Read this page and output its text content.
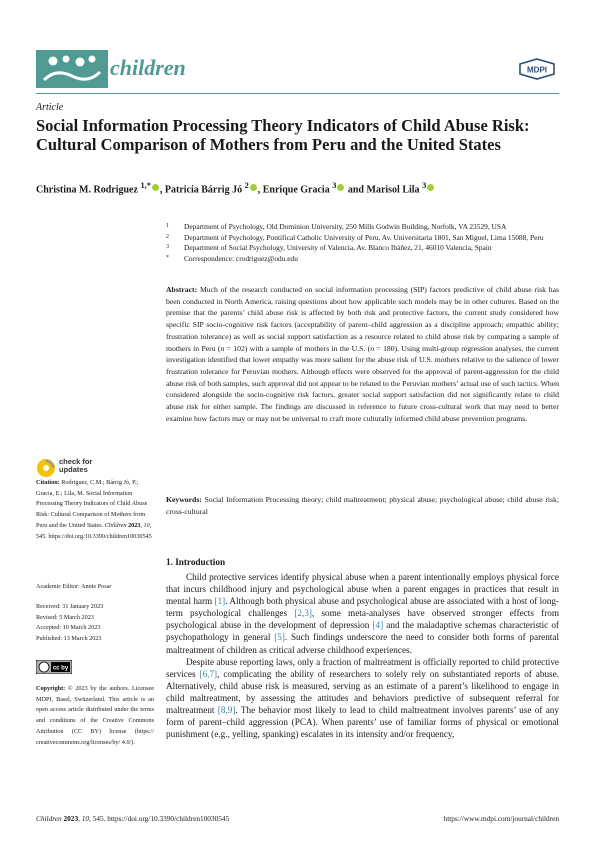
children	MDPI
Article
Social Information Processing Theory Indicators of Child Abuse Risk: Cultural Comparison of Mothers from Peru and the United States
Christina M. Rodriguez $^{1,*}$ , Patricia Bárrig Jó $^2$ , Enrique Gracia $^3$ and Marisol Lila $^3$
1	Department of Psychology, Old Dominion University, 250 Mills Godwin Building, Norfolk, VA 23529, USA
2	Department of Psychology, Pontifical Catholic University of Peru, Av. Universitaria 1801, San Miguel, Lima 15088, Peru
3	Department of Social Psychology, University of Valencia, Av. Blanco Ibáñez, 21, 46010 Valencia, Spain
*	Correspondence: crodriguez@odu.edu

Abstract: Much of the research conducted on social information processing (SIP) factors predictive of child abuse risk has been conducted in North America, raising questions about how applicable such models may be in other cultures. Based on the premise that the parents’ child abuse risk is affected by both risk and protective factors, the current study considered how specific SIP socio-cognitive risk factors (acceptability of parent–child aggression as a discipline approach; empathic ability; frustration tolerance) as well as social support satisfaction as a resource related to child abuse risk by comparing a sample of mothers in Peru (n = 102) with a sample of mothers in the U.S. (n = 180). Using multi-group regression analyses, the current investigation identified that lower empathy was more salient for the abuse risk of U.S. mothers relative to the salience of lower frustration tolerance for Peruvian mothers. Although effects were observed for the approval of parent-aggression for the child abuse risk of both samples, such approval did not appear to be related to the Peruvian mothers’ actual use of such tactics. When considered alongside the socio-cognitive risk factors, greater social support satisfaction did not significantly relate to child abuse risk for either sample. The findings are discussed in reference to future cross-cultural work that may need to better examine how factors may or may not be universal to craft more culturally informed child abuse prevention programs.

Keywords: Social Information Processing theory; child maltreatment; physical abuse; psychological abuse; child abuse risk; cross-cultural

check for
updates
Citation: Rodriguez, C.M.; Bárrig Jó, P.; Gracia, E.; Lila, M. Social Information Processing Theory Indicators of Child Abuse Risk: Cultural Comparison of Mothers from Peru and the United States. Children 2023, 10, 545. https://doi.org/10.3390/children10030545
Academic Editor: Annie Posar
Received: 31 January 2023
Revised: 5 March 2023
Accepted: 10 March 2023
Published: 13 March 2023
cc by
Copyright: © 2023 by the authors. Licensee MDPI, Basel, Switzerland. This article is an open access article distributed under the terms and conditions of the Creative Commons Attribution (CC BY) license (https:// creativecommons.org/licenses/by/ 4.0/).
1. Introduction

Child protective services identify physical abuse when a parent intentionally employs physical force that incurs childhood injury and psychological abuse when a parent engages in practices that result in mental harm [1]. Although both physical abuse and psychological abuse are associated with a host of long-term psychological challenges [2,3], some meta-analyses have observed stronger effects from psychological abuse in the development of depression [4] and the maladaptive schemas characteristic of psychopathology in general [5]. Such findings underscore the need to consider both forms of parental maltreatment of children as critical adverse childhood experiences.

Despite abuse reporting laws, only a fraction of maltreatment is officially reported to child protective services [6,7], complicating the ability of researchers to solely rely on substantiated reports of abuse. Alternatively, child abuse risk is measured, serving as an estimate of a parent’s likelihood to engage in child maltreatment, by assessing the attitudes and behaviors predictive of subsequent referral for maltreatment [8,9]. The behavior most likely to lead to child maltreatment involves parents’ use of any form of parent–child aggression (PCA). When parents’ use of familiar forms of physical or emotional punishment (e.g., yelling, spanking) escalates in its intensity and/or frequency,

Children 2023, 10, 545. https://doi.org/10.3390/children10030545	https://www.mdpi.com/journal/children
